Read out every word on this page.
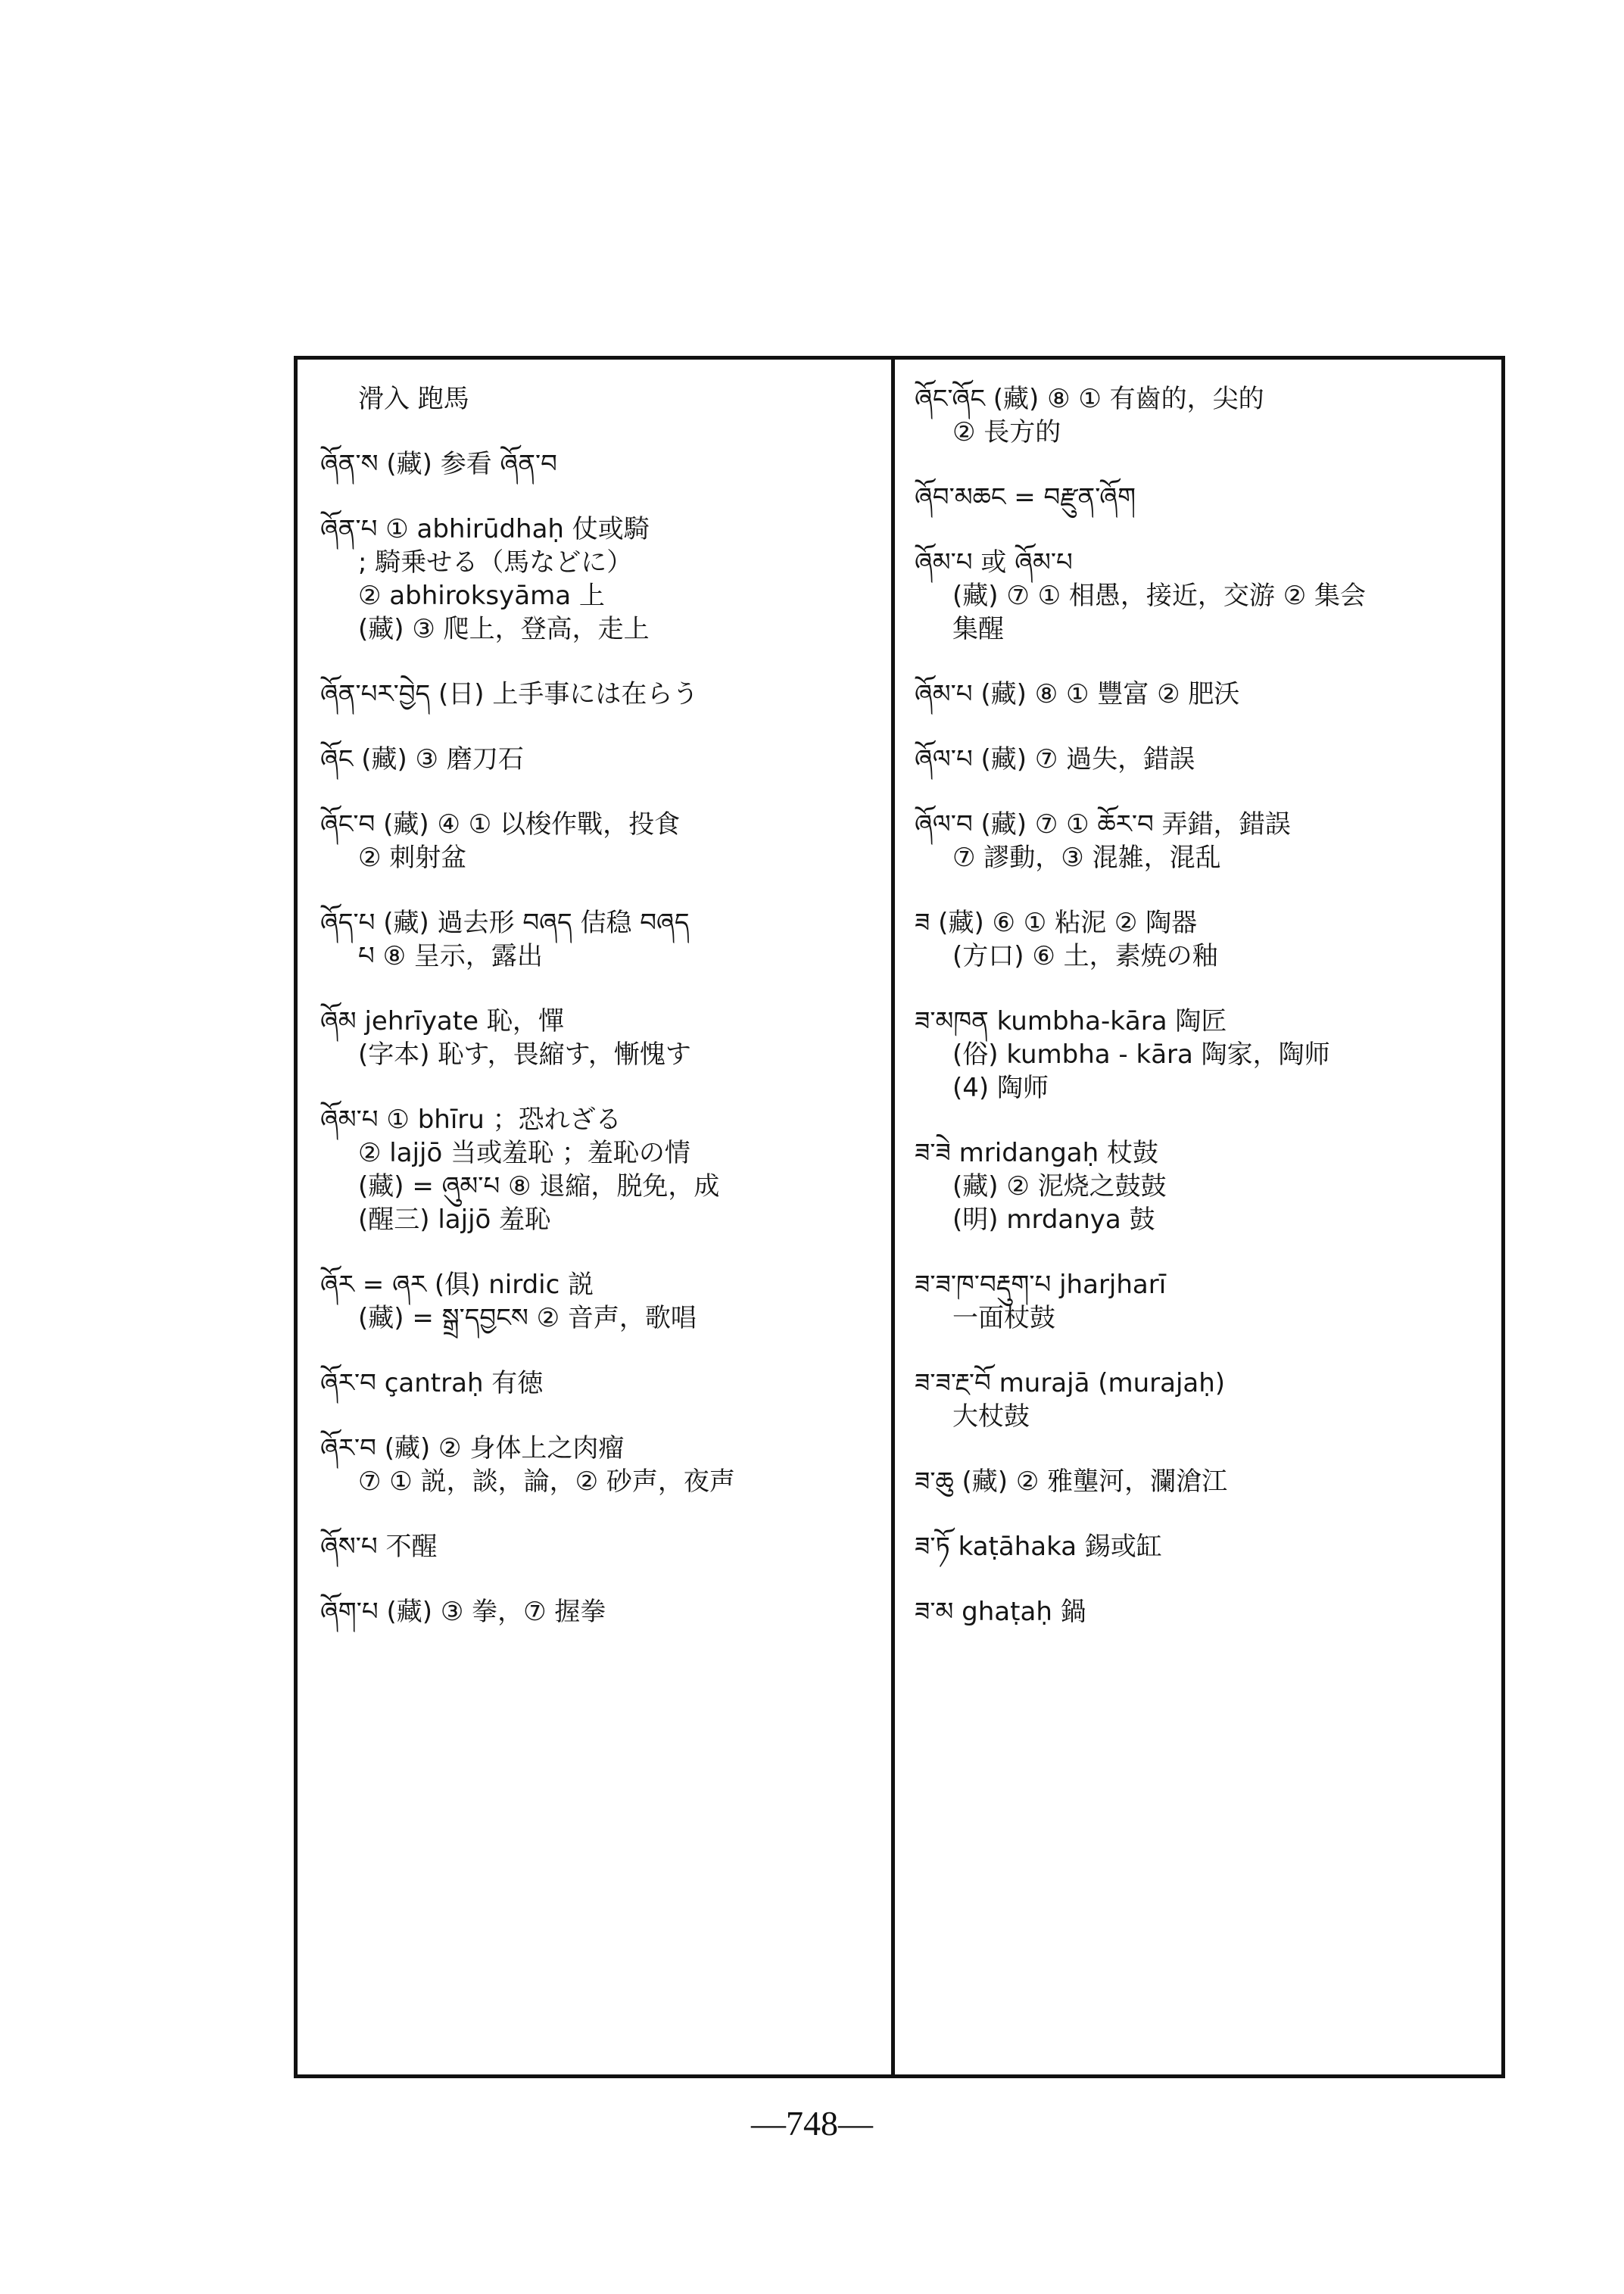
滑入 跑馬
ཞོན་ས (藏) 参看 ཞོན་བ
ཞོན་པ ① abhirūdhaḥ 仗或騎
; 騎乗せる（馬などに）
② abhiroksyāma 上
(藏) ③ 爬上，登高，走上
ཞོན་པར་བྱེད (日) 上手事には在らう
ཞོང (藏) ③ 磨刀石
ཞོང་བ (藏) ④ ① 以梭作戰，投食
② 刺射盆
ཞོད་པ (藏) 過去形 བཞད 佶稳 བཞད
པ ⑧ 呈示，露出
ཞོམ jehrīyate 恥，憚
(字本) 恥す，畏縮す，慚愧す
ཞོམ་པ ① bhīru ；恐れざる
② lajjō 当或羞恥 ；羞恥の情
(藏) = ཞུམ་པ ⑧ 退縮，脱免，成
(醒三) lajjō 羞恥
ཞོར = ཞར (俱) nirdic 説
(藏) = སྒྲ་དབྱངས ② 音声，歌唱
ཞོར་བ çantraḥ 有徳
ཞོར་བ (藏) ② 身体上之肉瘤
⑦ ① 説，談，論，② 砂声，夜声
ཞོས་པ 不醒
ཞོག་པ (藏) ③ 拳，⑦ 握拳
ཞོང་ཞོང (藏) ⑧ ① 有齒的，尖的
② 長方的
ཞོབ་མཆང = བརྫུན་ཞོག
ཞོམ་པ 或 ཞོམ་པ
(藏) ⑦ ① 相愚，接近，交游 ② 集会
集醒
ཞོམ་པ (藏) ⑧ ① 豐富 ② 肥沃
ཞོལ་པ (藏) ⑦ 過失，錯誤
ཞོལ་བ (藏) ⑦ ① ཆོར་བ 弄錯，錯誤
⑦ 謬動，③ 混雑，混乱
ཟ (藏) ⑥ ① 粘泥 ② 陶器
(方口) ⑥ 土，素焼の釉
ཟ་མཁན kumbha-kāra 陶匠
(俗) kumbha - kāra 陶家，陶师
(4) 陶师
ཟ་ཟེ mridangaḥ 杖鼓
(藏) ② 泥烧之鼓鼓
(明) mrdanya 鼓
ཟ་ཟ་ཁ་བརྡུག་པ jharjharī
一面杖鼓
ཟ་ཟ་རྔ་བོ murajā (murajaḥ)
大杖鼓
ཟ་ཆུ (藏) ② 雅壟河，瀾滄江
ཟ་ཏོ kaṭāhaka 錫或缸
ཟ་མ ghaṭaḥ 鍋
—748—
